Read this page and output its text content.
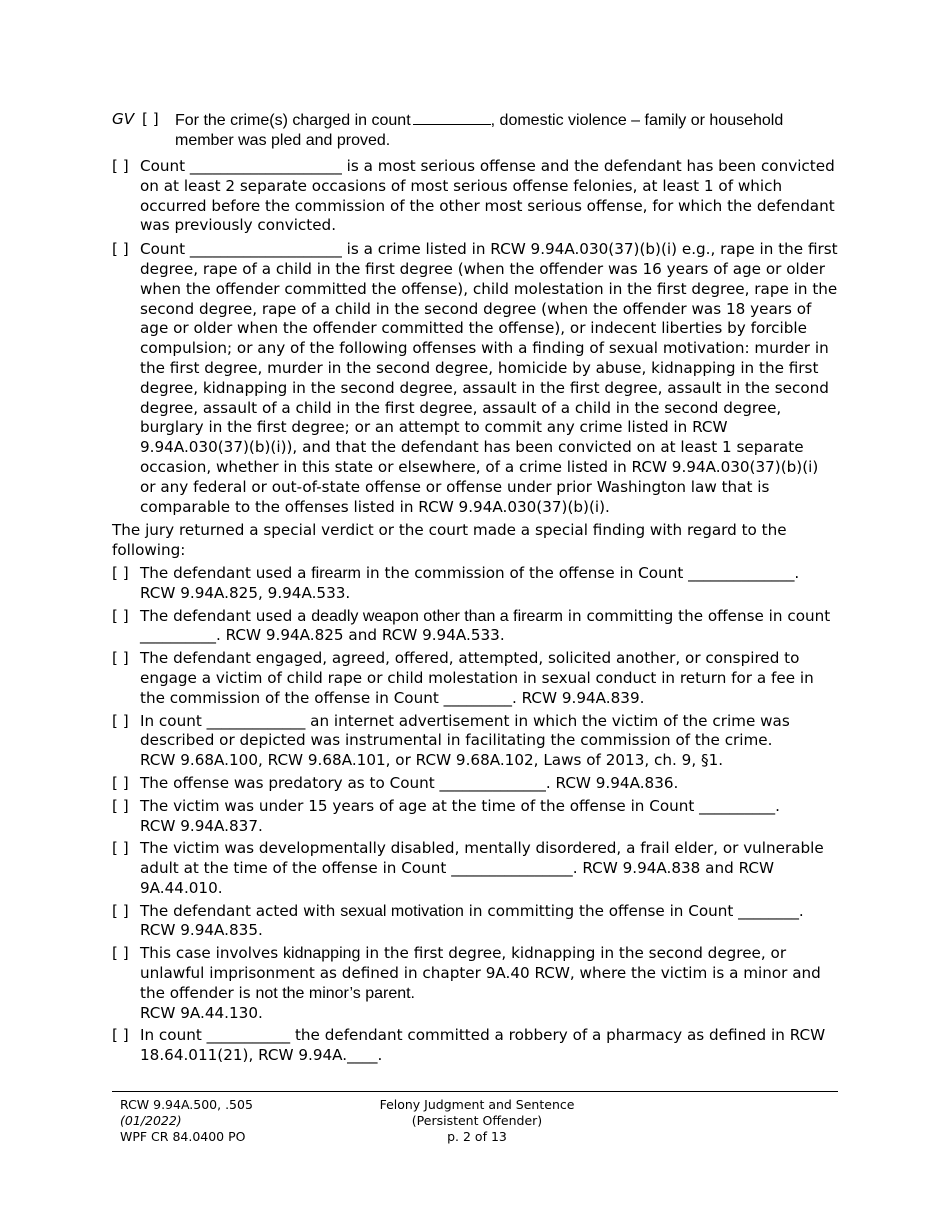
GV [ ]	For the crime(s) charged in count	, domestic violence – family or household member was pled and proved.
[ ] Count ____________________ is a most serious offense and the defendant has been convicted on at least 2 separate occasions of most serious offense felonies, at least 1 of which occurred before the commission of the other most serious offense, for which the defendant was previously convicted.
[ ] Count ____________________ is a crime listed in RCW 9.94A.030(37)(b)(i) e.g., rape in the first degree, rape of a child in the first degree (when the offender was 16 years of age or older when the offender committed the offense), child molestation in the first degree, rape in the second degree, rape of a child in the second degree (when the offender was 18 years of age or older when the offender committed the offense), or indecent liberties by forcible compulsion; or any of the following offenses with a finding of sexual motivation: murder in the first degree, murder in the second degree, homicide by abuse, kidnapping in the first degree, kidnapping in the second degree, assault in the first degree, assault in the second degree, assault of a child in the first degree, assault of a child in the second degree, burglary in the first degree; or an attempt to commit any crime listed in RCW 9.94A.030(37)(b)(i)), and that the defendant has been convicted on at least 1 separate occasion, whether in this state or elsewhere, of a crime listed in RCW 9.94A.030(37)(b)(i) or any federal or out-of-state offense or offense under prior Washington law that is comparable to the offenses listed in RCW 9.94A.030(37)(b)(i).
The jury returned a special verdict or the court made a special finding with regard to the following:
[ ] The defendant used a firearm in the commission of the offense in Count ______________.
RCW 9.94A.825, 9.94A.533.
[ ] The defendant used a deadly weapon other than a firearm in committing the offense in count __________. RCW 9.94A.825 and RCW 9.94A.533.
[ ] The defendant engaged, agreed, offered, attempted, solicited another, or conspired to engage a victim of child rape or child molestation in sexual conduct in return for a fee in the commission of the offense in Count _________. RCW 9.94A.839.
[ ] In count _____________ an internet advertisement in which the victim of the crime was described or depicted was instrumental in facilitating the commission of the crime.
RCW 9.68A.100, RCW 9.68A.101, or RCW 9.68A.102, Laws of 2013, ch. 9, §1.
[ ] The offense was predatory as to Count ______________. RCW 9.94A.836.
[ ] The victim was under 15 years of age at the time of the offense in Count __________.
RCW 9.94A.837.
[ ] The victim was developmentally disabled, mentally disordered, a frail elder, or vulnerable adult at the time of the offense in Count ________________. RCW 9.94A.838 and RCW 9A.44.010.
[ ] The defendant acted with sexual motivation in committing the offense in Count ________.
RCW 9.94A.835.
[ ] This case involves kidnapping in the first degree, kidnapping in the second degree, or unlawful imprisonment as defined in chapter 9A.40 RCW, where the victim is a minor and the offender is not the minor’s parent.
RCW 9A.44.130.
[ ] In count ___________ the defendant committed a robbery of a pharmacy as defined in RCW 18.64.011(21), RCW 9.94A.____.
RCW 9.94A.500, .505
(01/2022)
WPF CR 84.0400 PO
Felony Judgment and Sentence
(Persistent Offender)
p. 2 of 13
